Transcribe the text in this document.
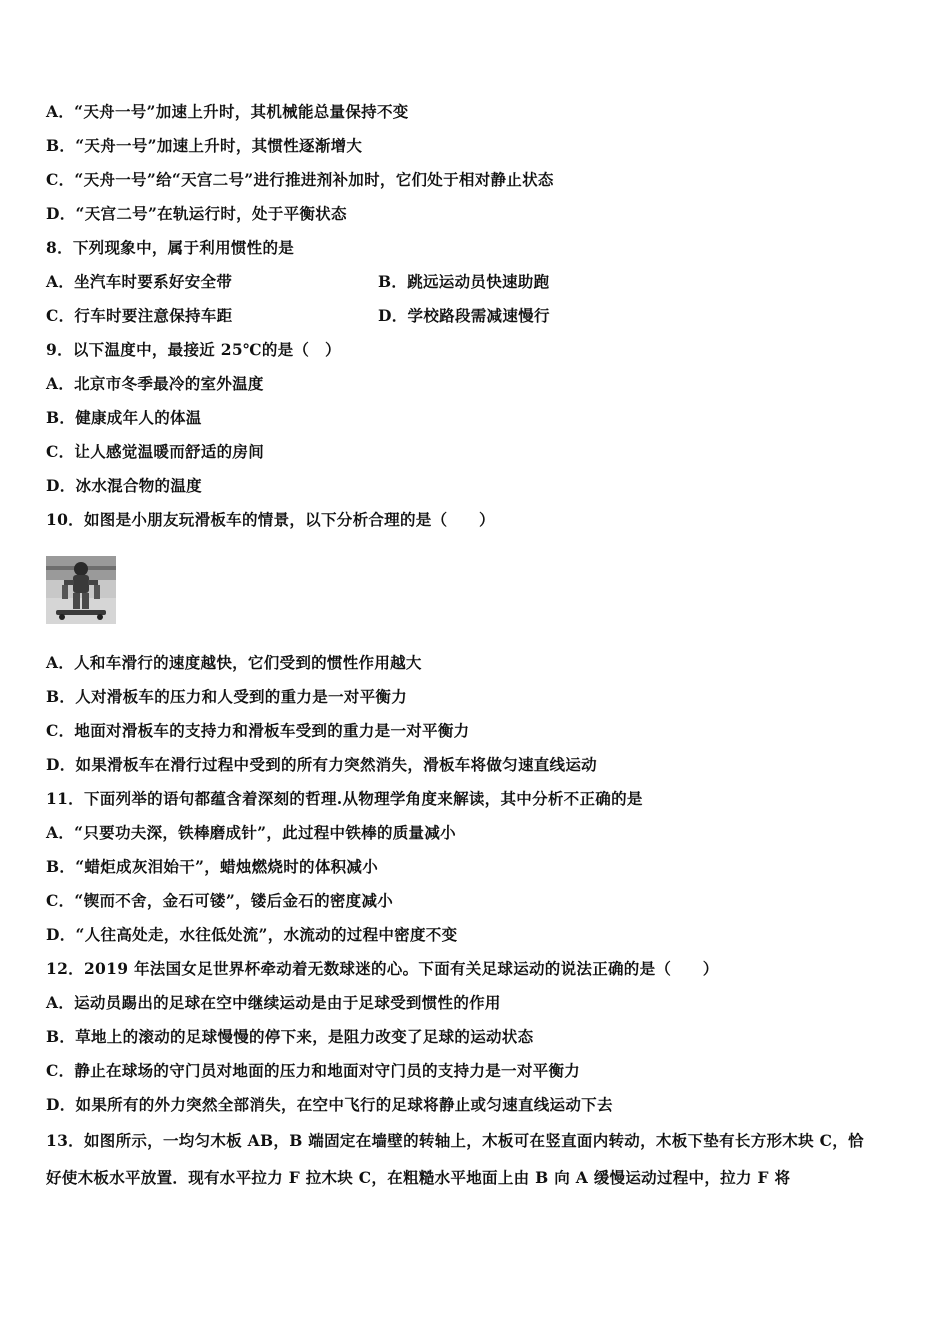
A．“天舟一号”加速上升时，其机械能总量保持不变
B．“天舟一号”加速上升时，其惯性逐渐增大
C．“天舟一号”给“天宫二号”进行推进剂补加时，它们处于相对静止状态
D．“天宫二号”在轨运行时，处于平衡状态
8．下列现象中，属于利用惯性的是
A．坐汽车时要系好安全带	B．跳远运动员快速助跑
C．行车时要注意保持车距	D．学校路段需减速慢行
9．以下温度中，最接近 25℃的是（　）
A．北京市冬季最冷的室外温度
B．健康成年人的体温
C．让人感觉温暖而舒适的房间
D．冰水混合物的温度
10．如图是小朋友玩滑板车的情景，以下分析合理的是（　　）
A．人和车滑行的速度越快，它们受到的惯性作用越大
B．人对滑板车的压力和人受到的重力是一对平衡力
C．地面对滑板车的支持力和滑板车受到的重力是一对平衡力
D．如果滑板车在滑行过程中受到的所有力突然消失，滑板车将做匀速直线运动
11．下面列举的语句都蕴含着深刻的哲理.从物理学角度来解读，其中分析不正确的是
A．“只要功夫深，铁棒磨成针”，此过程中铁棒的质量减小
B．“蜡炬成灰泪始干”，蜡烛燃烧时的体积减小
C．“锲而不舍，金石可镂”，镂后金石的密度减小
D．“人往高处走，水往低处流”，水流动的过程中密度不变
12．2019 年法国女足世界杯牵动着无数球迷的心。下面有关足球运动的说法正确的是（　　）
A．运动员踢出的足球在空中继续运动是由于足球受到惯性的作用
B．草地上的滚动的足球慢慢的停下来，是阻力改变了足球的运动状态
C．静止在球场的守门员对地面的压力和地面对守门员的支持力是一对平衡力
D．如果所有的外力突然全部消失，在空中飞行的足球将静止或匀速直线运动下去
13．如图所示，一均匀木板 AB，B 端固定在墙壁的转轴上，木板可在竖直面内转动，木板下垫有长方形木块 C，恰
好使木板水平放置．现有水平拉力 F 拉木块 C，在粗糙水平地面上由 B 向 A 缓慢运动过程中，拉力 F 将
